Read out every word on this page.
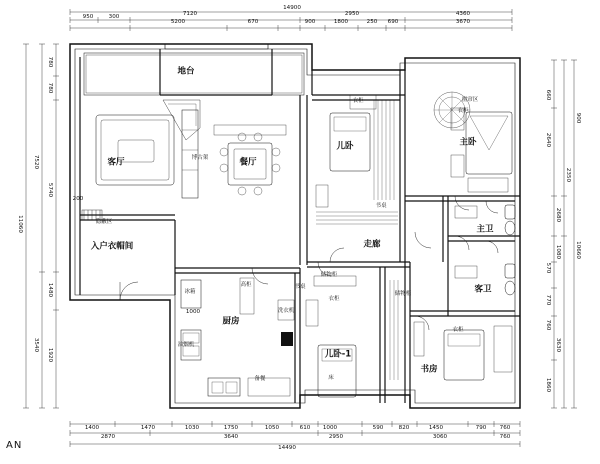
地台
客厅	餐厅
入户衣帽间
厨房
儿卧
走廊
儿卧-1
主卧
主卫
客卫
书房
博古架
隐蔽区
衣柜
书桌
衣柜
窗帘区
储物柜
书桌
衣柜
储物柜
冰箱
高柜
油烟机
洗衣机
备餐	床
衣柜
14900
950	300	7120	2950	4360
5200	670	900	1800	250 690	3670
11060
7520
3540
780
780
5740
1480
1920
10660
2350
2680
2640
660
900
1080
570
770
760
3630
1860
1400	1470	1030	1750	1050	610 1000	590	820	1450	790 760
2870	3640	2950	3060	760
14490
200
1000
AN
